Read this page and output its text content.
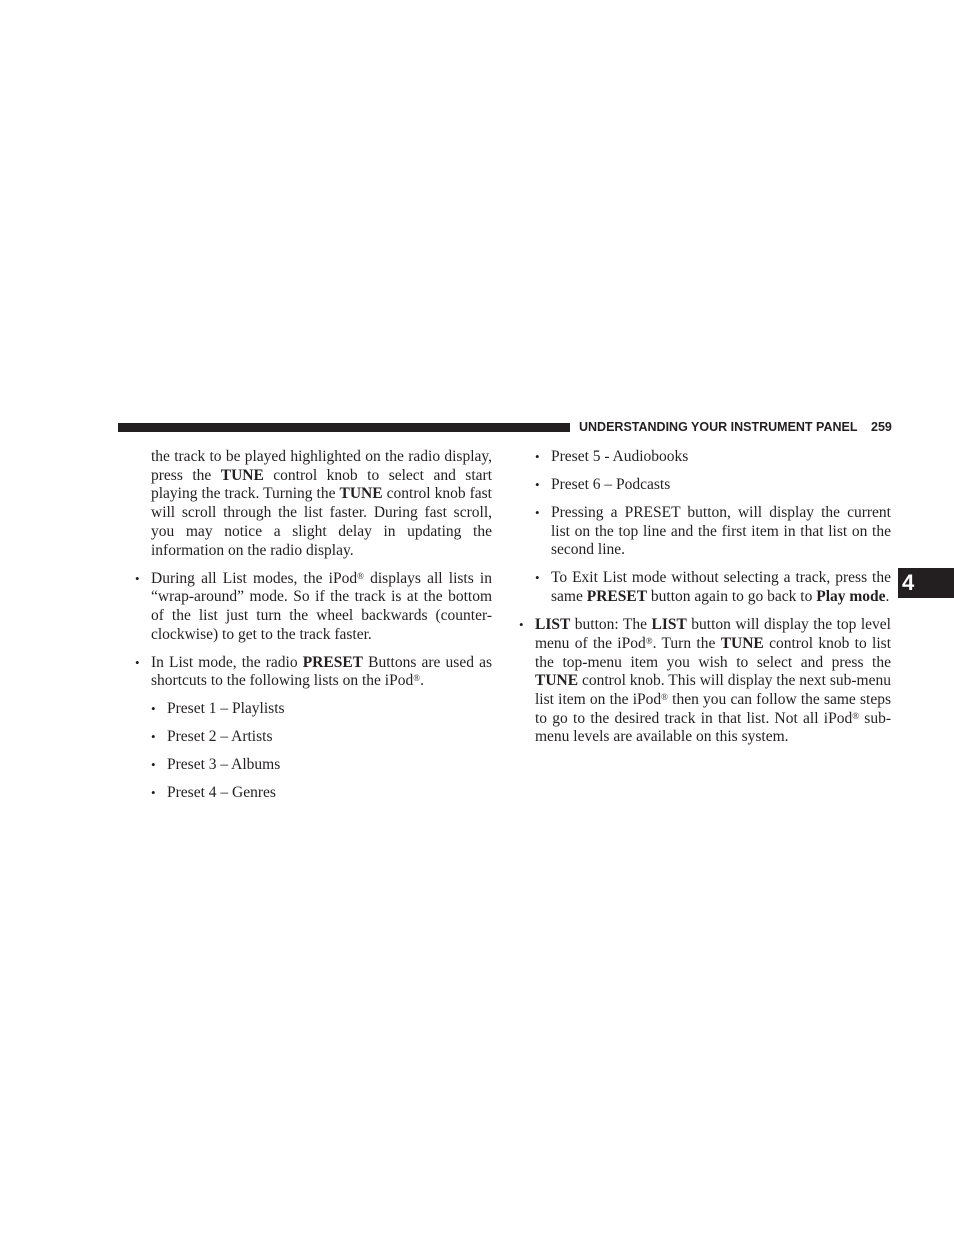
UNDERSTANDING YOUR INSTRUMENT PANEL 259
4

the track to be played highlighted on the radio display, press the TUNE control knob to select and start playing the track. Turning the TUNE control knob fast will scroll through the list faster. During fast scroll, you may notice a slight delay in updating the information on the radio display.

• During all List modes, the iPod® displays all lists in “wrap-around” mode. So if the track is at the bottom of the list just turn the wheel backwards (counter-clockwise) to get to the track faster.
• In List mode, the radio PRESET Buttons are used as shortcuts to the following lists on the iPod®.
• Preset 1 – Playlists
• Preset 2 – Artists
• Preset 3 – Albums
• Preset 4 – Genres
• Preset 5 - Audiobooks
• Preset 6 – Podcasts
• Pressing a PRESET button, will display the current list on the top line and the first item in that list on the second line.
• To Exit List mode without selecting a track, press the same PRESET button again to go back to Play mode.
• LIST button: The LIST button will display the top level menu of the iPod®. Turn the TUNE control knob to list the top-menu item you wish to select and press the TUNE control knob. This will display the next sub-menu list item on the iPod® then you can follow the same steps to go to the desired track in that list. Not all iPod® sub-menu levels are available on this system.
